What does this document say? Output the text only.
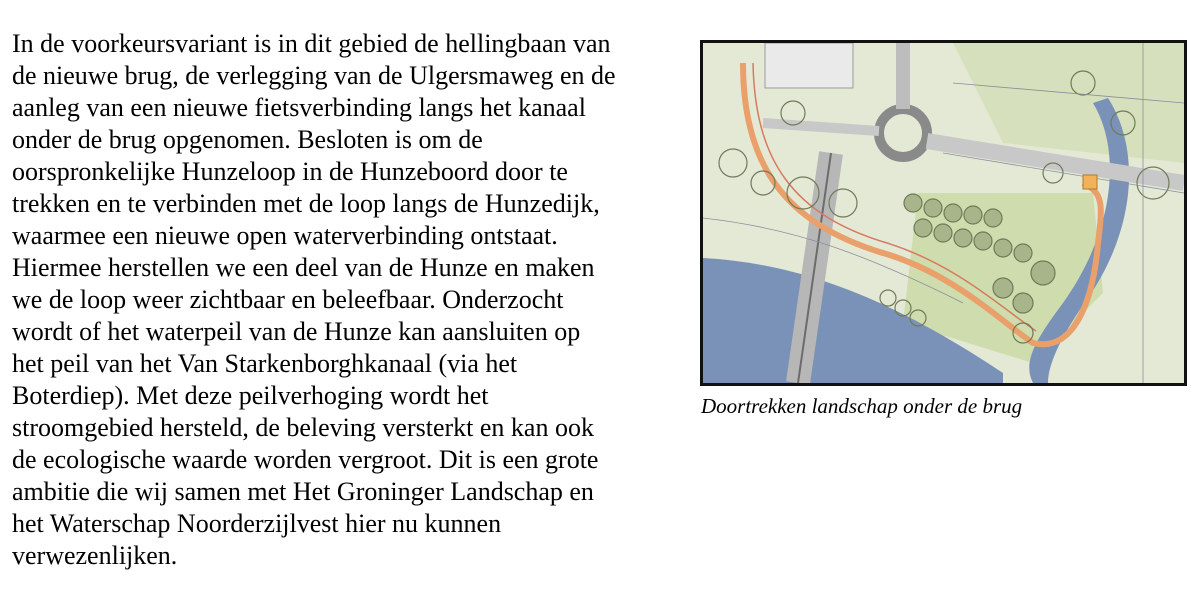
In de voorkeursvariant is in dit gebied de hellingbaan van
de nieuwe brug, de verlegging van de Ulgersmaweg en de
aanleg van een nieuwe fietsverbinding langs het kanaal
onder de brug opgenomen. Besloten is om de
oorspronkelijke Hunzeloop in de Hunzeboord door te
trekken en te verbinden met de loop langs de Hunzedijk,
waarmee een nieuwe open waterverbinding ontstaat.
Hiermee herstellen we een deel van de Hunze en maken
we de loop weer zichtbaar en beleefbaar. Onderzocht
wordt of het waterpeil van de Hunze kan aansluiten op
het peil van het Van Starkenborghkanaal (via het
Boterdiep). Met deze peilverhoging wordt het
stroomgebied hersteld, de beleving versterkt en kan ook
de ecologische waarde worden vergroot. Dit is een grote
ambitie die wij samen met Het Groninger Landschap en
het Waterschap Noorderzijlvest hier nu kunnen
verwezenlijken.
Doortrekken landschap onder de brug
